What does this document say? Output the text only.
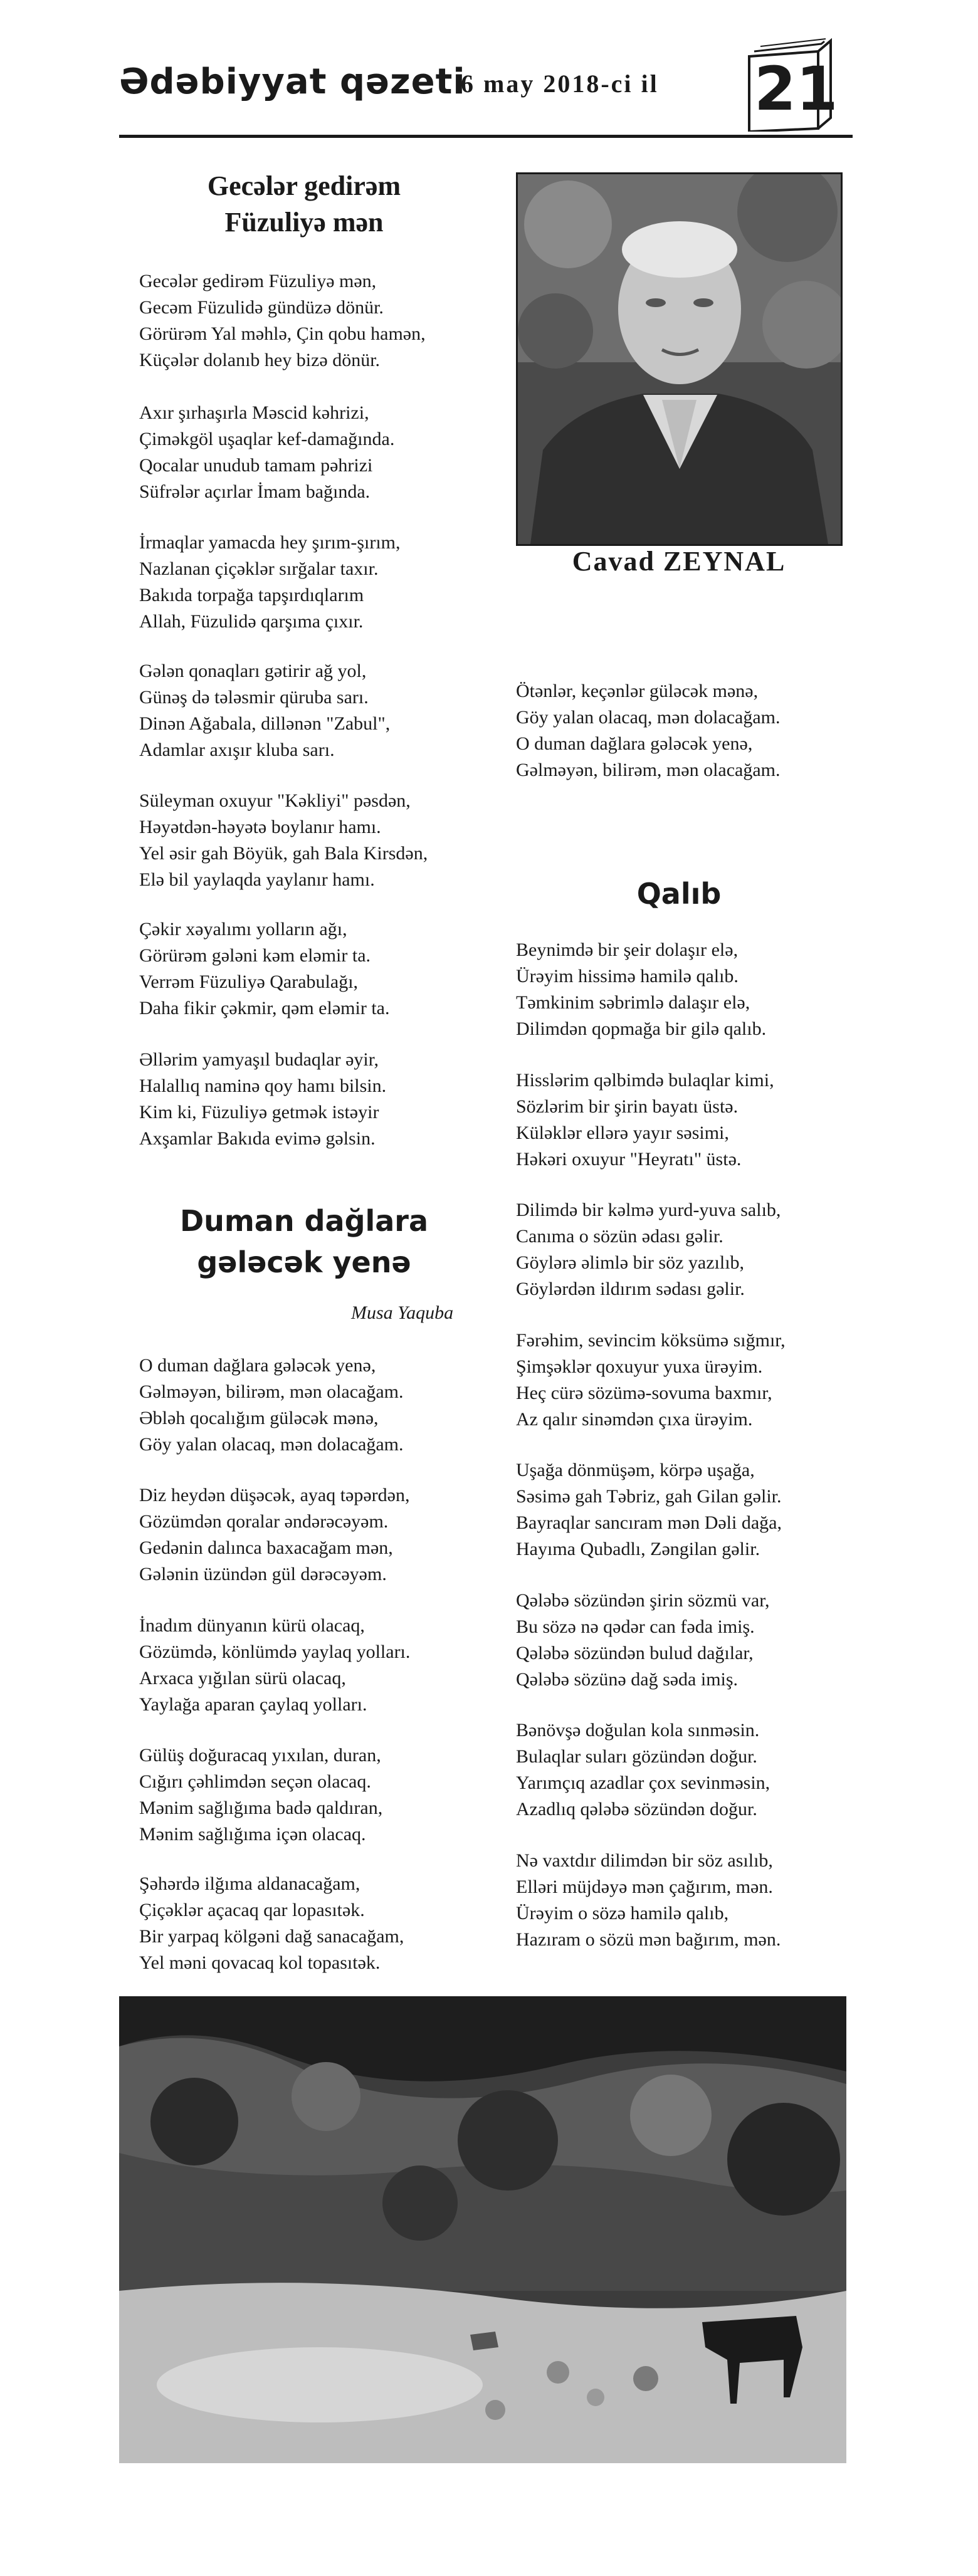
Ədəbiyyat qəzeti
6 may 2018-ci il 21
Gecələr gedirəm
Füzuliyə mən
Gecələr gedirəm Füzuliyə mən,
Gecəm Füzulidə gündüzə dönür.
Görürəm Yal məhlə, Çin qobu hamən,
Küçələr dolanıb hey bizə dönür.
Axır şırhaşırla Məscid kəhrizi,
Çiməkgöl uşaqlar kef-damağında.
Qocalar unudub tamam pəhrizi
Süfrələr açırlar İmam bağında.
İrmaqlar yamacda hey şırım-şırım,
Nazlanan çiçəklər sırğalar taxır.
Bakıda torpağa tapşırdıqlarım
Allah, Füzulidə qarşıma çıxır.
Gələn qonaqları gətirir ağ yol,
Günəş də tələsmir qüruba sarı.
Dinən Ağabala, dillənən "Zabul",
Adamlar axışır kluba sarı.
Süleyman oxuyur "Kəkliyi" pəsdən,
Həyətdən-həyətə boylanır hamı.
Yel əsir gah Böyük, gah Bala Kirsdən,
Elə bil yaylaqda yaylanır hamı.
Çəkir xəyalımı yolların ağı,
Görürəm gələni kəm eləmir ta.
Verrəm Füzuliyə Qarabulağı,
Daha fikir çəkmir, qəm eləmir ta.
Əllərim yamyaşıl budaqlar əyir,
Halallıq naminə qoy hamı bilsin.
Kim ki, Füzuliyə getmək istəyir
Axşamlar Bakıda evimə gəlsin.
Duman dağlara
gələcək yenə
Musa Yaquba
O duman dağlara gələcək yenə,
Gəlməyən, bilirəm, mən olacağam.
Əbləh qocalığım güləcək mənə,
Göy yalan olacaq, mən dolacağam.
Diz heydən düşəcək, ayaq təpərdən,
Gözümdən qoralar əndərəcəyəm.
Gedənin dalınca baxacağam mən,
Gələnin üzündən gül dərəcəyəm.
İnadım dünyanın kürü olacaq,
Gözümdə, könlümdə yaylaq yolları.
Arxaca yığılan sürü olacaq,
Yaylağa aparan çaylaq yolları.
Gülüş doğuracaq yıxılan, duran,
Cığırı çəhlimdən seçən olacaq.
Mənim sağlığıma badə qaldıran,
Mənim sağlığıma içən olacaq.
Şəhərdə ilğıma aldanacağam,
Çiçəklər açacaq qar lopasıtək.
Bir yarpaq kölgəni dağ sanacağam,
Yel məni qovacaq kol topasıtək.
Cavad ZEYNAL
Ötənlər, keçənlər güləcək mənə,
Göy yalan olacaq, mən dolacağam.
O duman dağlara gələcək yenə,
Gəlməyən, bilirəm, mən olacağam.
Qalıb
Beynimdə bir şeir dolaşır elə,
Ürəyim hissimə hamilə qalıb.
Təmkinim səbrimlə dalaşır elə,
Dilimdən qopmağa bir gilə qalıb.
Hisslərim qəlbimdə bulaqlar kimi,
Sözlərim bir şirin bayatı üstə.
Küləklər ellərə yayır səsimi,
Həkəri oxuyur "Heyratı" üstə.
Dilimdə bir kəlmə yurd-yuva salıb,
Canıma o sözün ədası gəlir.
Göylərə əlimlə bir söz yazılıb,
Göylərdən ildırım sədası gəlir.
Fərəhim, sevincim köksümə sığmır,
Şimşəklər qoxuyur yuxa ürəyim.
Heç cürə sözümə-sovuma baxmır,
Az qalır sinəmdən çıxa ürəyim.
Uşağa dönmüşəm, körpə uşağa,
Səsimə gah Təbriz, gah Gilan gəlir.
Bayraqlar sancıram mən Dəli dağa,
Hayıma Qubadlı, Zəngilan gəlir.
Qələbə sözündən şirin sözmü var,
Bu sözə nə qədər can fəda imiş.
Qələbə sözündən bulud dağılar,
Qələbə sözünə dağ səda imiş.
Bənövşə doğulan kola sınməsin.
Bulaqlar suları gözündən doğur.
Yarımçıq azadlar çox sevinməsin,
Azadlıq qələbə sözündən doğur.
Nə vaxtdır dilimdən bir söz asılıb,
Elləri müjdəyə mən çağırım, mən.
Ürəyim o sözə hamilə qalıb,
Hazıram o sözü mən bağırım, mən.
